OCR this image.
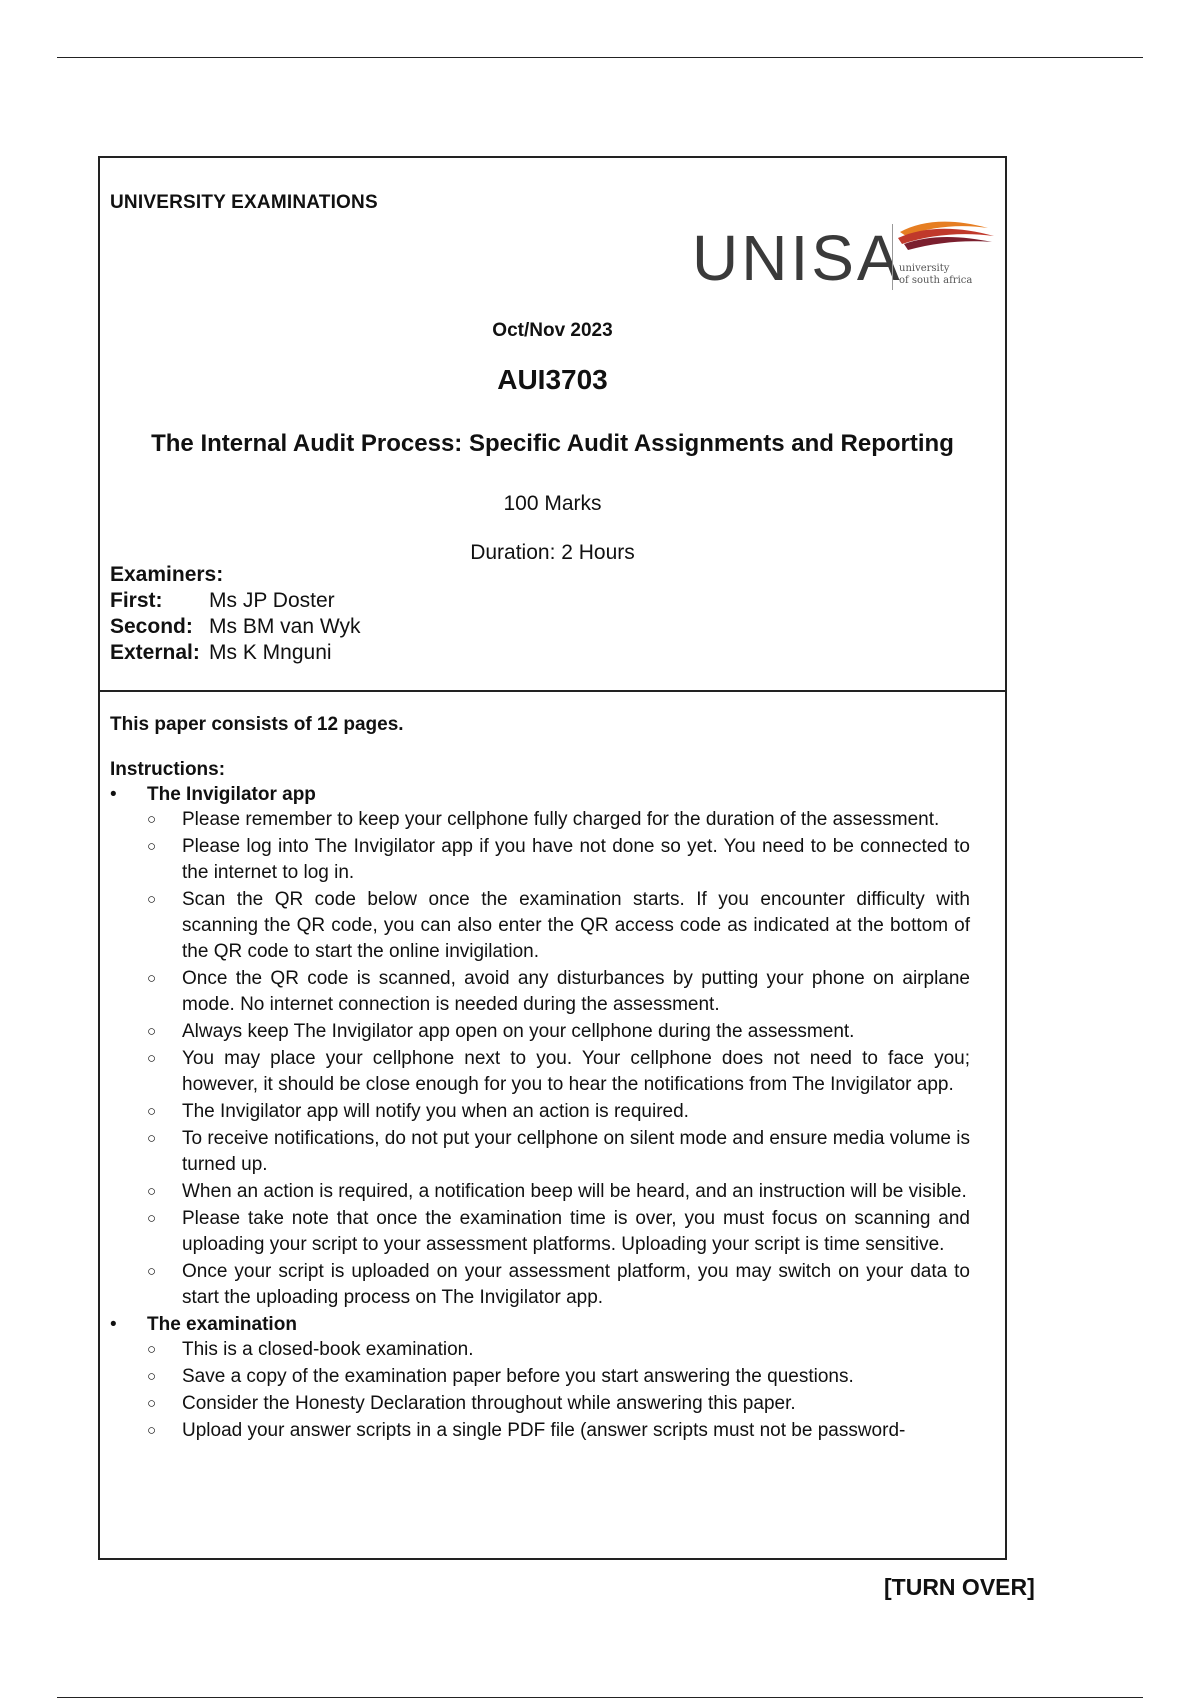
UNIVERSITY EXAMINATIONS
UNISA
university
of south africa
Oct/Nov 2023
AUI3703
The Internal Audit Process: Specific Audit Assignments and Reporting
100 Marks
Duration: 2 Hours
Examiners:
First:	Ms JP Doster
Second: Ms BM van Wyk
External: Ms K Mnguni
This paper consists of 12 pages.
Instructions:
• The Invigilator app
○ Please remember to keep your cellphone fully charged for the duration of the assessment.
○ Please log into The Invigilator app if you have not done so yet. You need to be connected to the internet to log in.
○ Scan the QR code below once the examination starts. If you encounter difficulty with scanning the QR code, you can also enter the QR access code as indicated at the bottom of the QR code to start the online invigilation.
○ Once the QR code is scanned, avoid any disturbances by putting your phone on airplane mode. No internet connection is needed during the assessment.
○ Always keep The Invigilator app open on your cellphone during the assessment.
○ You may place your cellphone next to you. Your cellphone does not need to face you; however, it should be close enough for you to hear the notifications from The Invigilator app.
○ The Invigilator app will notify you when an action is required.
○ To receive notifications, do not put your cellphone on silent mode and ensure media volume is turned up.
○ When an action is required, a notification beep will be heard, and an instruction will be visible.
○ Please take note that once the examination time is over, you must focus on scanning and uploading your script to your assessment platforms. Uploading your script is time sensitive.
○ Once your script is uploaded on your assessment platform, you may switch on your data to start the uploading process on The Invigilator app.
• The examination
○ This is a closed-book examination.
○ Save a copy of the examination paper before you start answering the questions.
○ Consider the Honesty Declaration throughout while answering this paper.
○ Upload your answer scripts in a single PDF file (answer scripts must not be password-
[TURN OVER]
